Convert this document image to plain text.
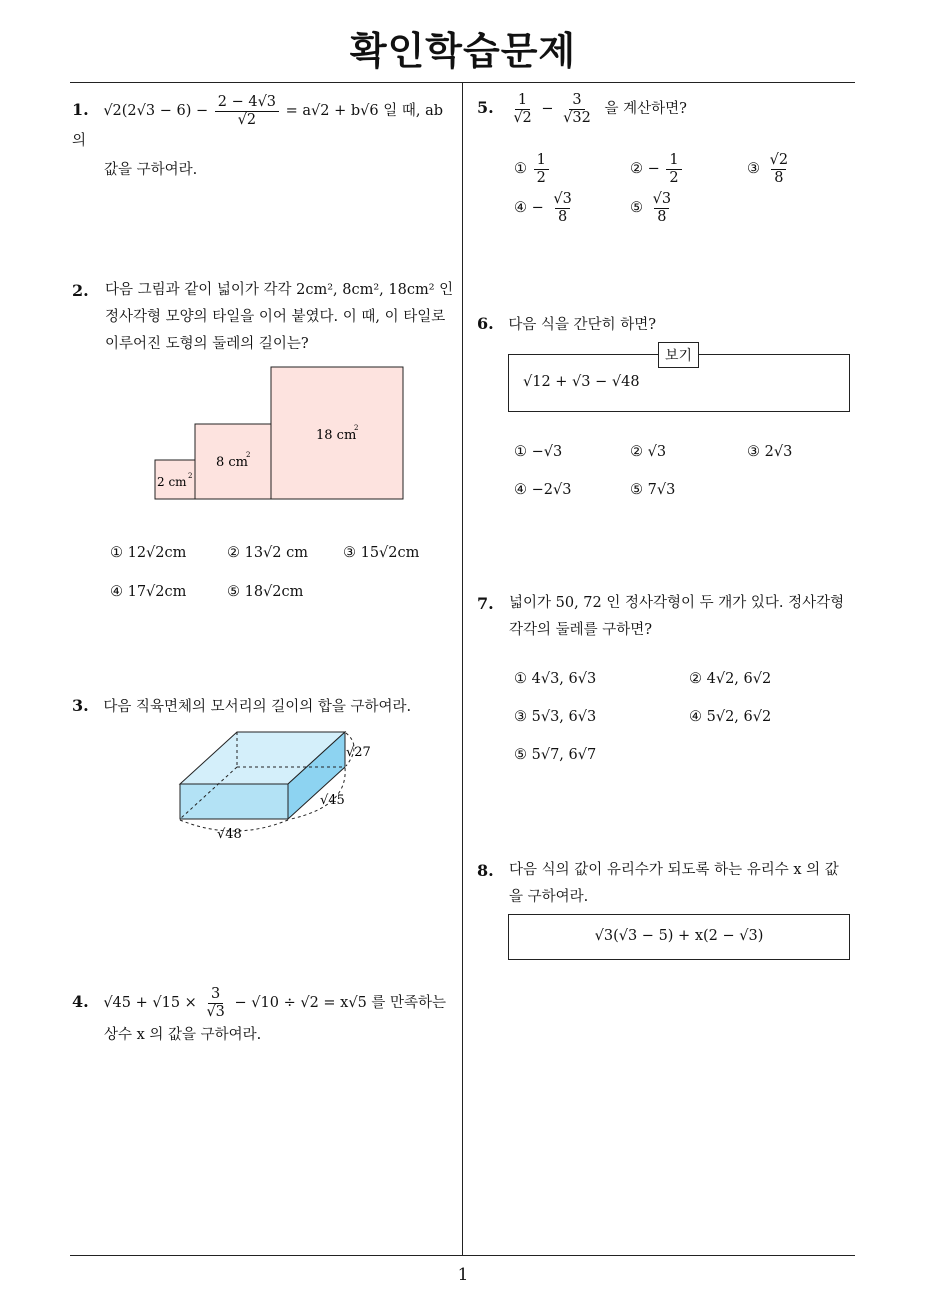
확인학습문제
1
1. $√2(2√3 - 6) - \frac{2 - 4√3}{√2} = a√2 + b√6$ 일 때, ab 의
값을 구하여라.
2. 다음 그림과 같이 넓이가 각각 2cm², 8cm², 18cm² 인
정사각형 모양의 타일을 이어 붙였다. 이 때, 이 타일로
이루어진 도형의 둘레의 길이는?
2 cm 2
8 cm
2
18 cm
2
① 12√2cm	② 13√2 cm ③ 15√2cm
④ 17√2cm	⑤ 18√2cm
3. 다음 직육면체의 모서리의 길이의 합을 구하여라.
√27
√45
√48
4. $√45 + √15 \times \frac{3}{√3} - √10 \div √2 = x√5$ 를 만족하는
상수 x 의 값을 구하여라.
5. $\frac{1}{√2} - \frac{3}{√32}$ 을 계산하면?
① $\frac{1}{2}$	② − $\frac{1}{2}$	③ $\frac{√2}{8}$
④ − $\frac{√3}{8}$	⑤ $\frac{√3}{8}$
6. 다음 식을 간단히 하면?
√12 + √3 − √48
보기
① −√3	② √3	③ 2√3
④ −2√3	⑤ 7√3
7. 넓이가 50, 72 인 정사각형이 두 개가 있다. 정사각형
각각의 둘레를 구하면?
① 4√3, 6√3	② 4√2, 6√2
③ 5√3, 6√3	④ 5√2, 6√2
⑤ 5√7, 6√7
8. 다음 식의 값이 유리수가 되도록 하는 유리수 x 의 값
을 구하여라.
√3(√3 − 5) + x(2 − √3)
